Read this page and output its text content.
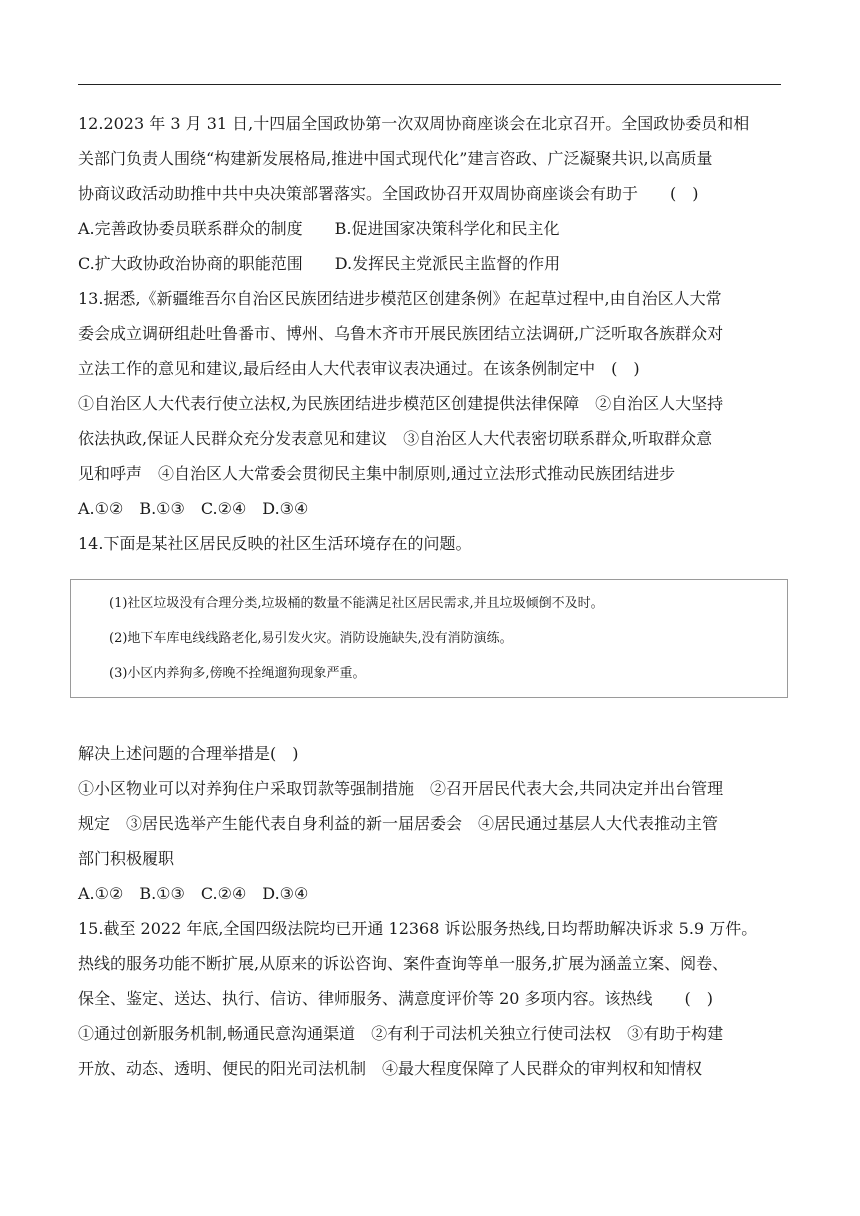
12.2023 年 3 月 31 日,十四届全国政协第一次双周协商座谈会在北京召开。全国政协委员和相
关部门负责人围绕“构建新发展格局,推进中国式现代化”建言咨政、广泛凝聚共识,以高质量
协商议政活动助推中共中央决策部署落实。全国政协召开双周协商座谈会有助于　　(　)
A.完善政协委员联系群众的制度　　B.促进国家决策科学化和民主化
C.扩大政协政治协商的职能范围　　D.发挥民主党派民主监督的作用
13.据悉,《新疆维吾尔自治区民族团结进步模范区创建条例》在起草过程中,由自治区人大常
委会成立调研组赴吐鲁番市、博州、乌鲁木齐市开展民族团结立法调研,广泛听取各族群众对
立法工作的意见和建议,最后经由人大代表审议表决通过。在该条例制定中　(　)
①自治区人大代表行使立法权,为民族团结进步模范区创建提供法律保障　②自治区人大坚持
依法执政,保证人民群众充分发表意见和建议　③自治区人大代表密切联系群众,听取群众意
见和呼声　④自治区人大常委会贯彻民主集中制原则,通过立法形式推动民族团结进步
A.①②　B.①③　C.②④　D.③④
14.下面是某社区居民反映的社区生活环境存在的问题。
(1)社区垃圾没有合理分类,垃圾桶的数量不能满足社区居民需求,并且垃圾倾倒不及时。
(2)地下车库电线线路老化,易引发火灾。消防设施缺失,没有消防演练。
(3)小区内养狗多,傍晚不拴绳遛狗现象严重。
解决上述问题的合理举措是(　)
①小区物业可以对养狗住户采取罚款等强制措施　②召开居民代表大会,共同决定并出台管理
规定　③居民选举产生能代表自身利益的新一届居委会　④居民通过基层人大代表推动主管
部门积极履职
A.①②　B.①③　C.②④　D.③④
15.截至 2022 年底,全国四级法院均已开通 12368 诉讼服务热线,日均帮助解决诉求 5.9 万件。
热线的服务功能不断扩展,从原来的诉讼咨询、案件查询等单一服务,扩展为涵盖立案、阅卷、
保全、鉴定、送达、执行、信访、律师服务、满意度评价等 20 多项内容。该热线　　(　)
①通过创新服务机制,畅通民意沟通渠道　②有利于司法机关独立行使司法权　③有助于构建
开放、动态、透明、便民的阳光司法机制　④最大程度保障了人民群众的审判权和知情权
